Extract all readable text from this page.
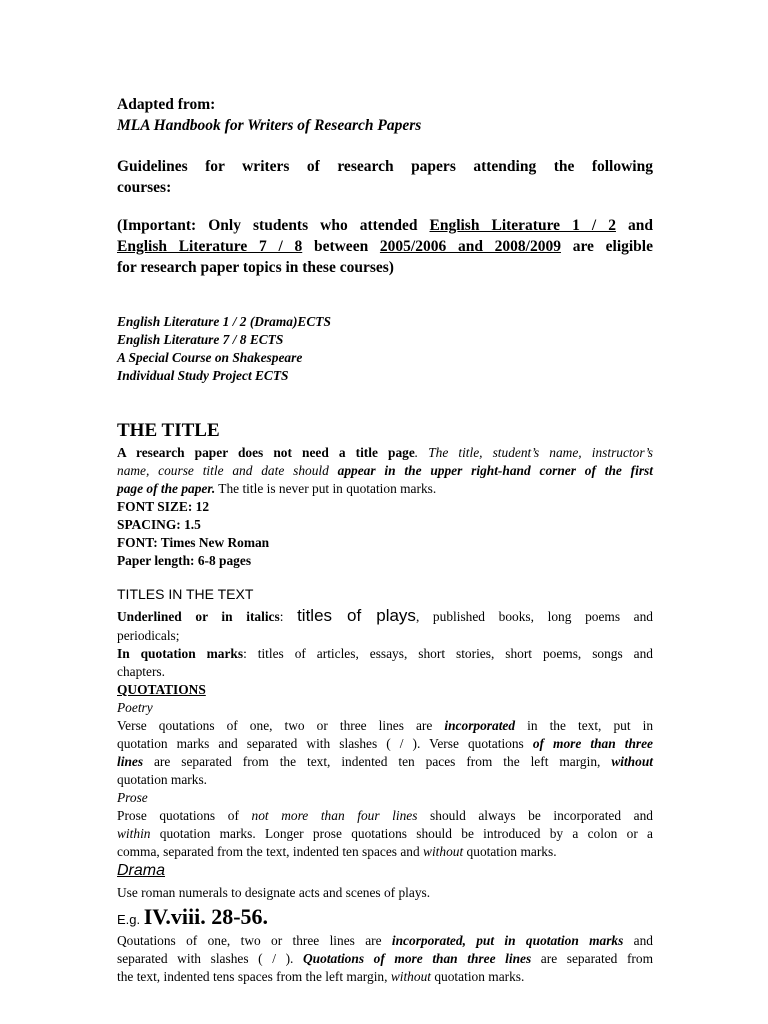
Adapted from:
MLA Handbook for Writers of Research Papers
Guidelines for writers of research papers attending the following
courses:
(Important: Only students who attended English Literature 1 / 2 and
English Literature 7 / 8 between 2005/2006 and 2008/2009 are eligible
for research paper topics in these courses)
English Literature 1 / 2 (Drama)ECTS
English Literature 7 / 8 ECTS
A Special Course on Shakespeare
Individual Study Project ECTS
THE TITLE
A research paper does not need a title page. The title, student’s name, instructor’s
name, course title and date should appear in the upper right-hand corner of the first
page of the paper. The title is never put in quotation marks.
FONT SIZE: 12
SPACING: 1.5
FONT: Times New Roman
Paper length: 6-8 pages
TITLES IN THE TEXT
Underlined or in italics: titles of plays, published books, long poems and
periodicals;
In quotation marks: titles of articles, essays, short stories, short poems, songs and
chapters.
QUOTATIONS
Poetry
Verse qoutations of one, two or three lines are incorporated in the text, put in
quotation marks and separated with slashes ( / ). Verse quotations of more than three
lines are separated from the text, indented ten paces from the left margin, without
quotation marks.
Prose
Prose quotations of not more than four lines should always be incorporated and
within quotation marks. Longer prose quotations should be introduced by a colon or a
comma, separated from the text, indented ten spaces and without quotation marks.
Drama
Use roman numerals to designate acts and scenes of plays.
E.g. IV.viii. 28-56.
Qoutations of one, two or three lines are incorporated, put in quotation marks and
separated with slashes ( / ). Quotations of more than three lines are separated from
the text, indented tens spaces from the left margin, without quotation marks.
